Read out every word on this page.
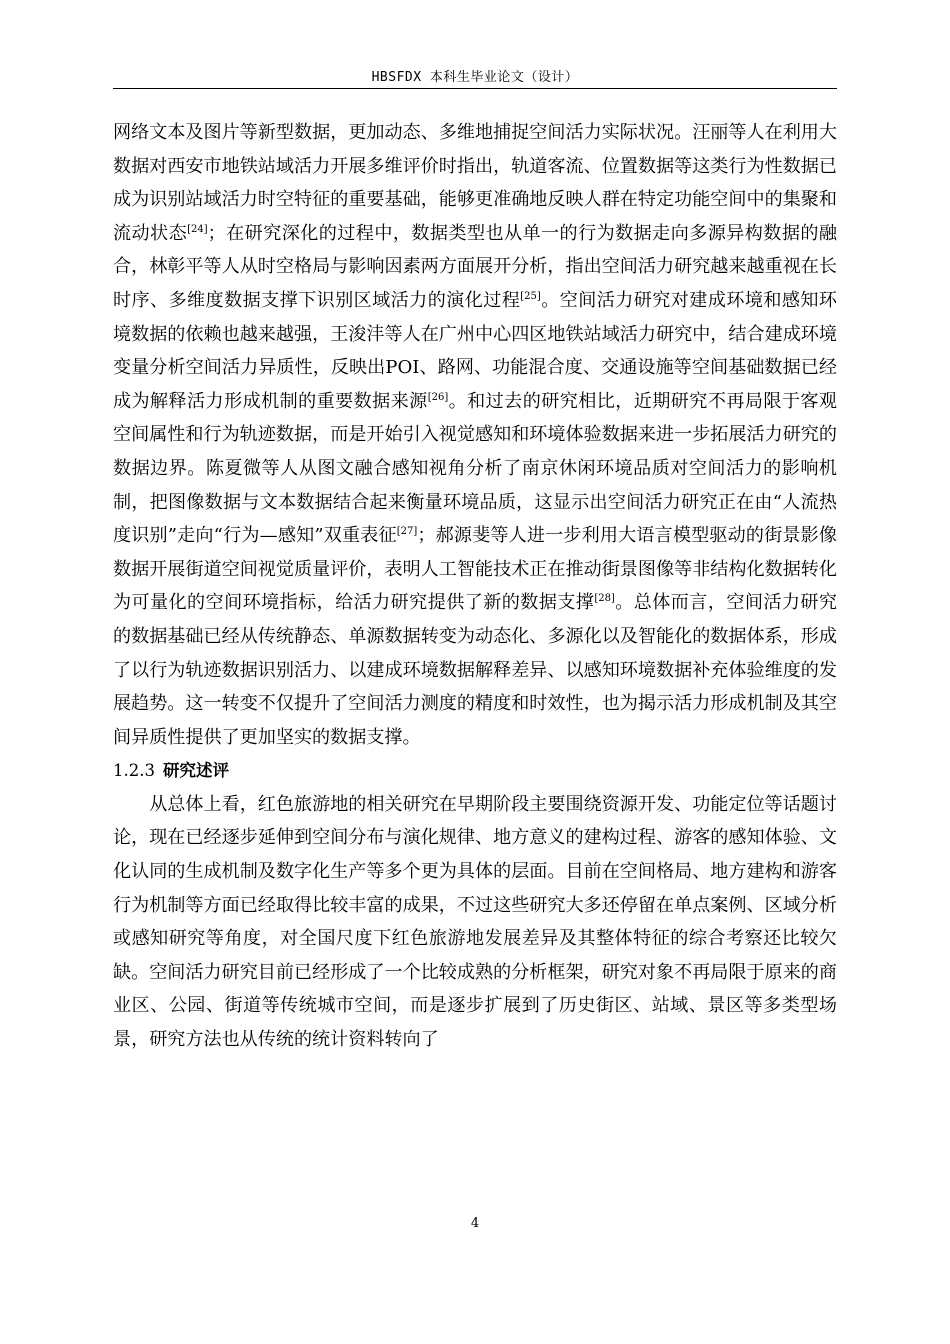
HBSFDX 本科生毕业论文（设计）

网络文本及图片等新型数据，更加动态、多维地捕捉空间活力实际状况。汪丽等人在利用大数据对西安市地铁站域活力开展多维评价时指出，轨道客流、位置数据等这类行为性数据已成为识别站域活力时空特征的重要基础，能够更准确地反映人群在特定功能空间中的集聚和流动状态[24]；在研究深化的过程中，数据类型也从单一的行为数据走向多源异构数据的融合，林彰平等人从时空格局与影响因素两方面展开分析，指出空间活力研究越来越重视在长时序、多维度数据支撑下识别区域活力的演化过程[25]。空间活力研究对建成环境和感知环境数据的依赖也越来越强，王浚沣等人在广州中心四区地铁站域活力研究中，结合建成环境变量分析空间活力异质性，反映出POI、路网、功能混合度、交通设施等空间基础数据已经成为解释活力形成机制的重要数据来源[26]。和过去的研究相比，近期研究不再局限于客观空间属性和行为轨迹数据，而是开始引入视觉感知和环境体验数据来进一步拓展活力研究的数据边界。陈夏微等人从图文融合感知视角分析了南京休闲环境品质对空间活力的影响机制，把图像数据与文本数据结合起来衡量环境品质，这显示出空间活力研究正在由“人流热度识别”走向“行为—感知”双重表征[27]；郝源斐等人进一步利用大语言模型驱动的街景影像数据开展街道空间视觉质量评价，表明人工智能技术正在推动街景图像等非结构化数据转化为可量化的空间环境指标，给活力研究提供了新的数据支撑[28]。总体而言，空间活力研究的数据基础已经从传统静态、单源数据转变为动态化、多源化以及智能化的数据体系，形成了以行为轨迹数据识别活力、以建成环境数据解释差异、以感知环境数据补充体验维度的发展趋势。这一转变不仅提升了空间活力测度的精度和时效性，也为揭示活力形成机制及其空间异质性提供了更加坚实的数据支撑。

1.2.3 研究述评

从总体上看，红色旅游地的相关研究在早期阶段主要围绕资源开发、功能定位等话题讨论，现在已经逐步延伸到空间分布与演化规律、地方意义的建构过程、游客的感知体验、文化认同的生成机制及数字化生产等多个更为具体的层面。目前在空间格局、地方建构和游客行为机制等方面已经取得比较丰富的成果，不过这些研究大多还停留在单点案例、区域分析或感知研究等角度，对全国尺度下红色旅游地发展差异及其整体特征的综合考察还比较欠缺。空间活力研究目前已经形成了一个比较成熟的分析框架，研究对象不再局限于原来的商业区、公园、街道等传统城市空间，而是逐步扩展到了历史街区、站域、景区等多类型场景，研究方法也从传统的统计资料转向了

4
